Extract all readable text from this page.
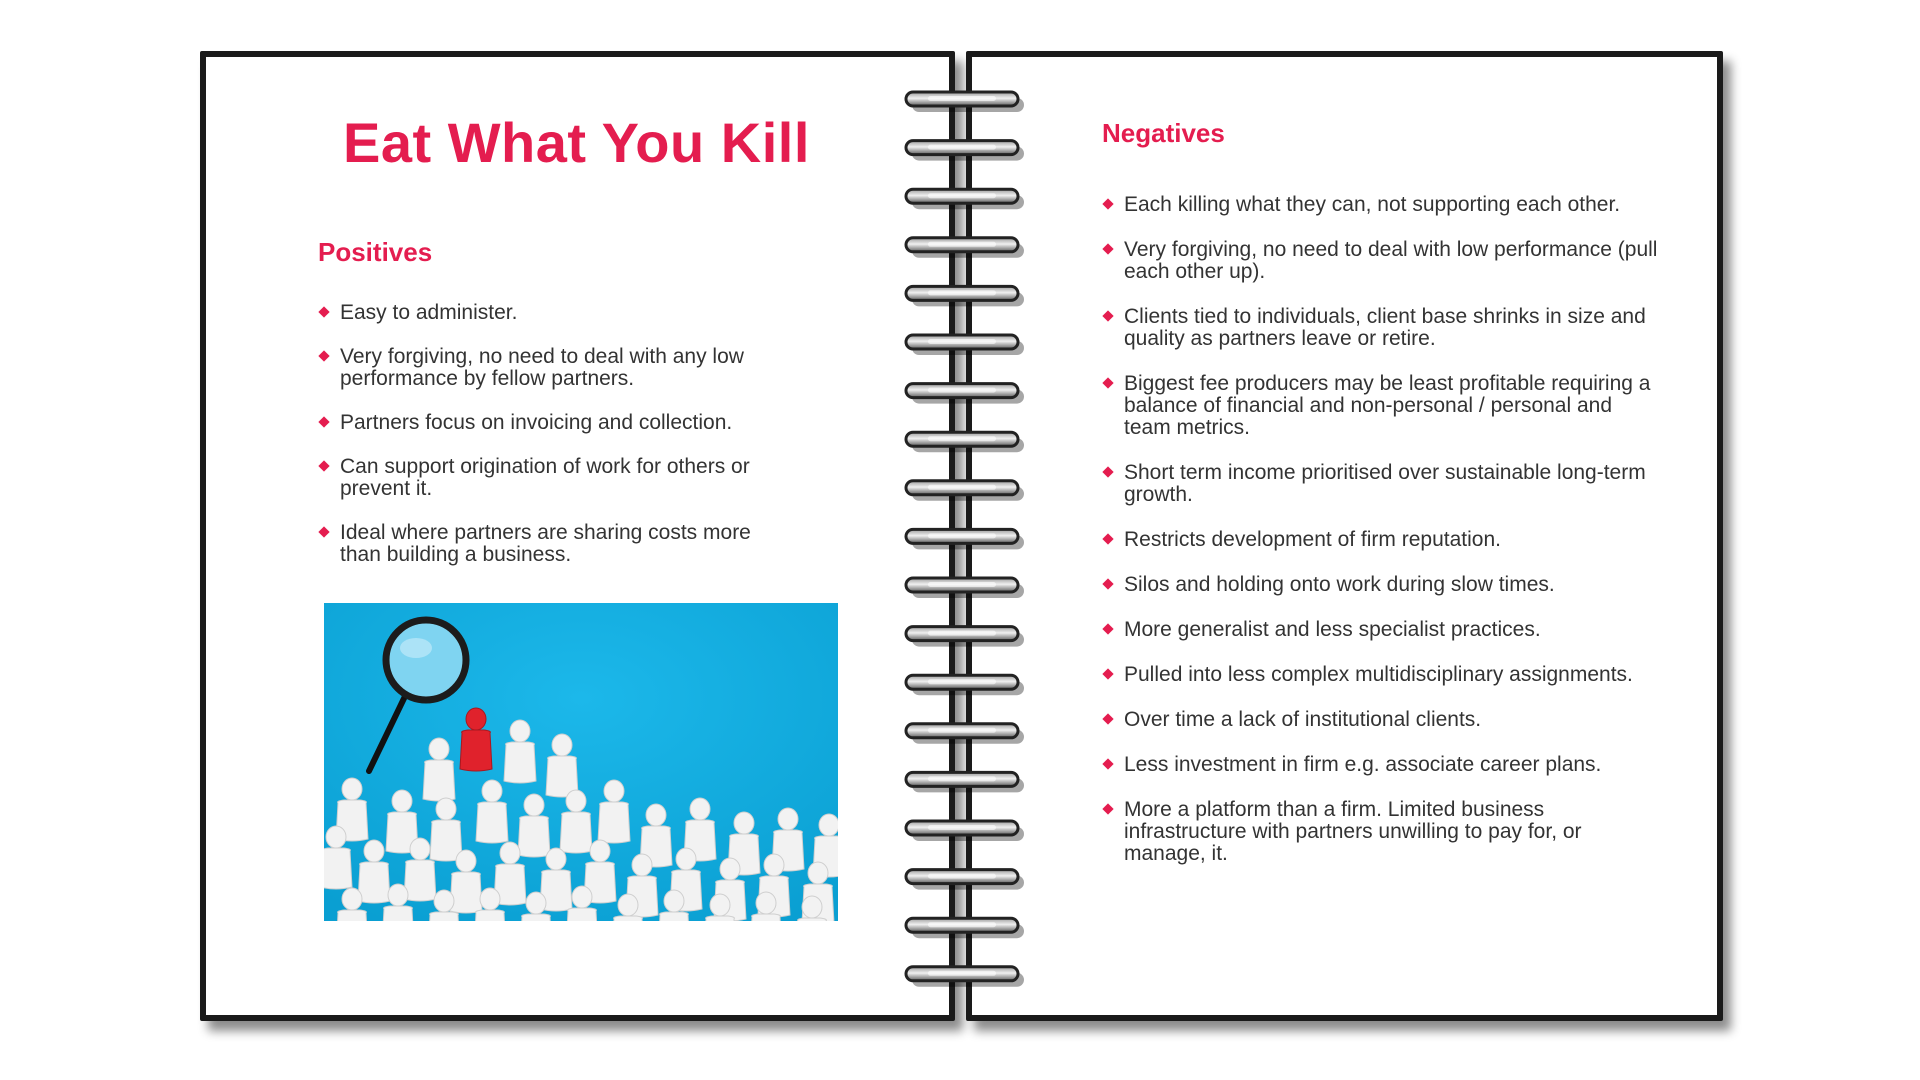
Eat What You Kill
Positives
Easy to administer.
Very forgiving, no need to deal with any low performance by fellow partners.
Partners focus on invoicing and collection.
Can support origination of work for others or prevent it.
Ideal where partners are sharing costs more than building a business.
Negatives
Each killing what they can, not supporting each other.
Very forgiving, no need to deal with low performance (pull each other up).
Clients tied to individuals, client base shrinks in size and quality as partners leave or retire.
Biggest fee producers may be least profitable requiring a balance of financial and non-personal / personal and team metrics.
Short term income prioritised over sustainable long-term growth.
Restricts development of firm reputation.
Silos and holding onto work during slow times.
More generalist and less specialist practices.
Pulled into less complex multidisciplinary assignments.
Over time a lack of institutional clients.
Less investment in firm e.g. associate career plans.
More a platform than a firm. Limited business infrastructure with partners unwilling to pay for, or manage, it.
